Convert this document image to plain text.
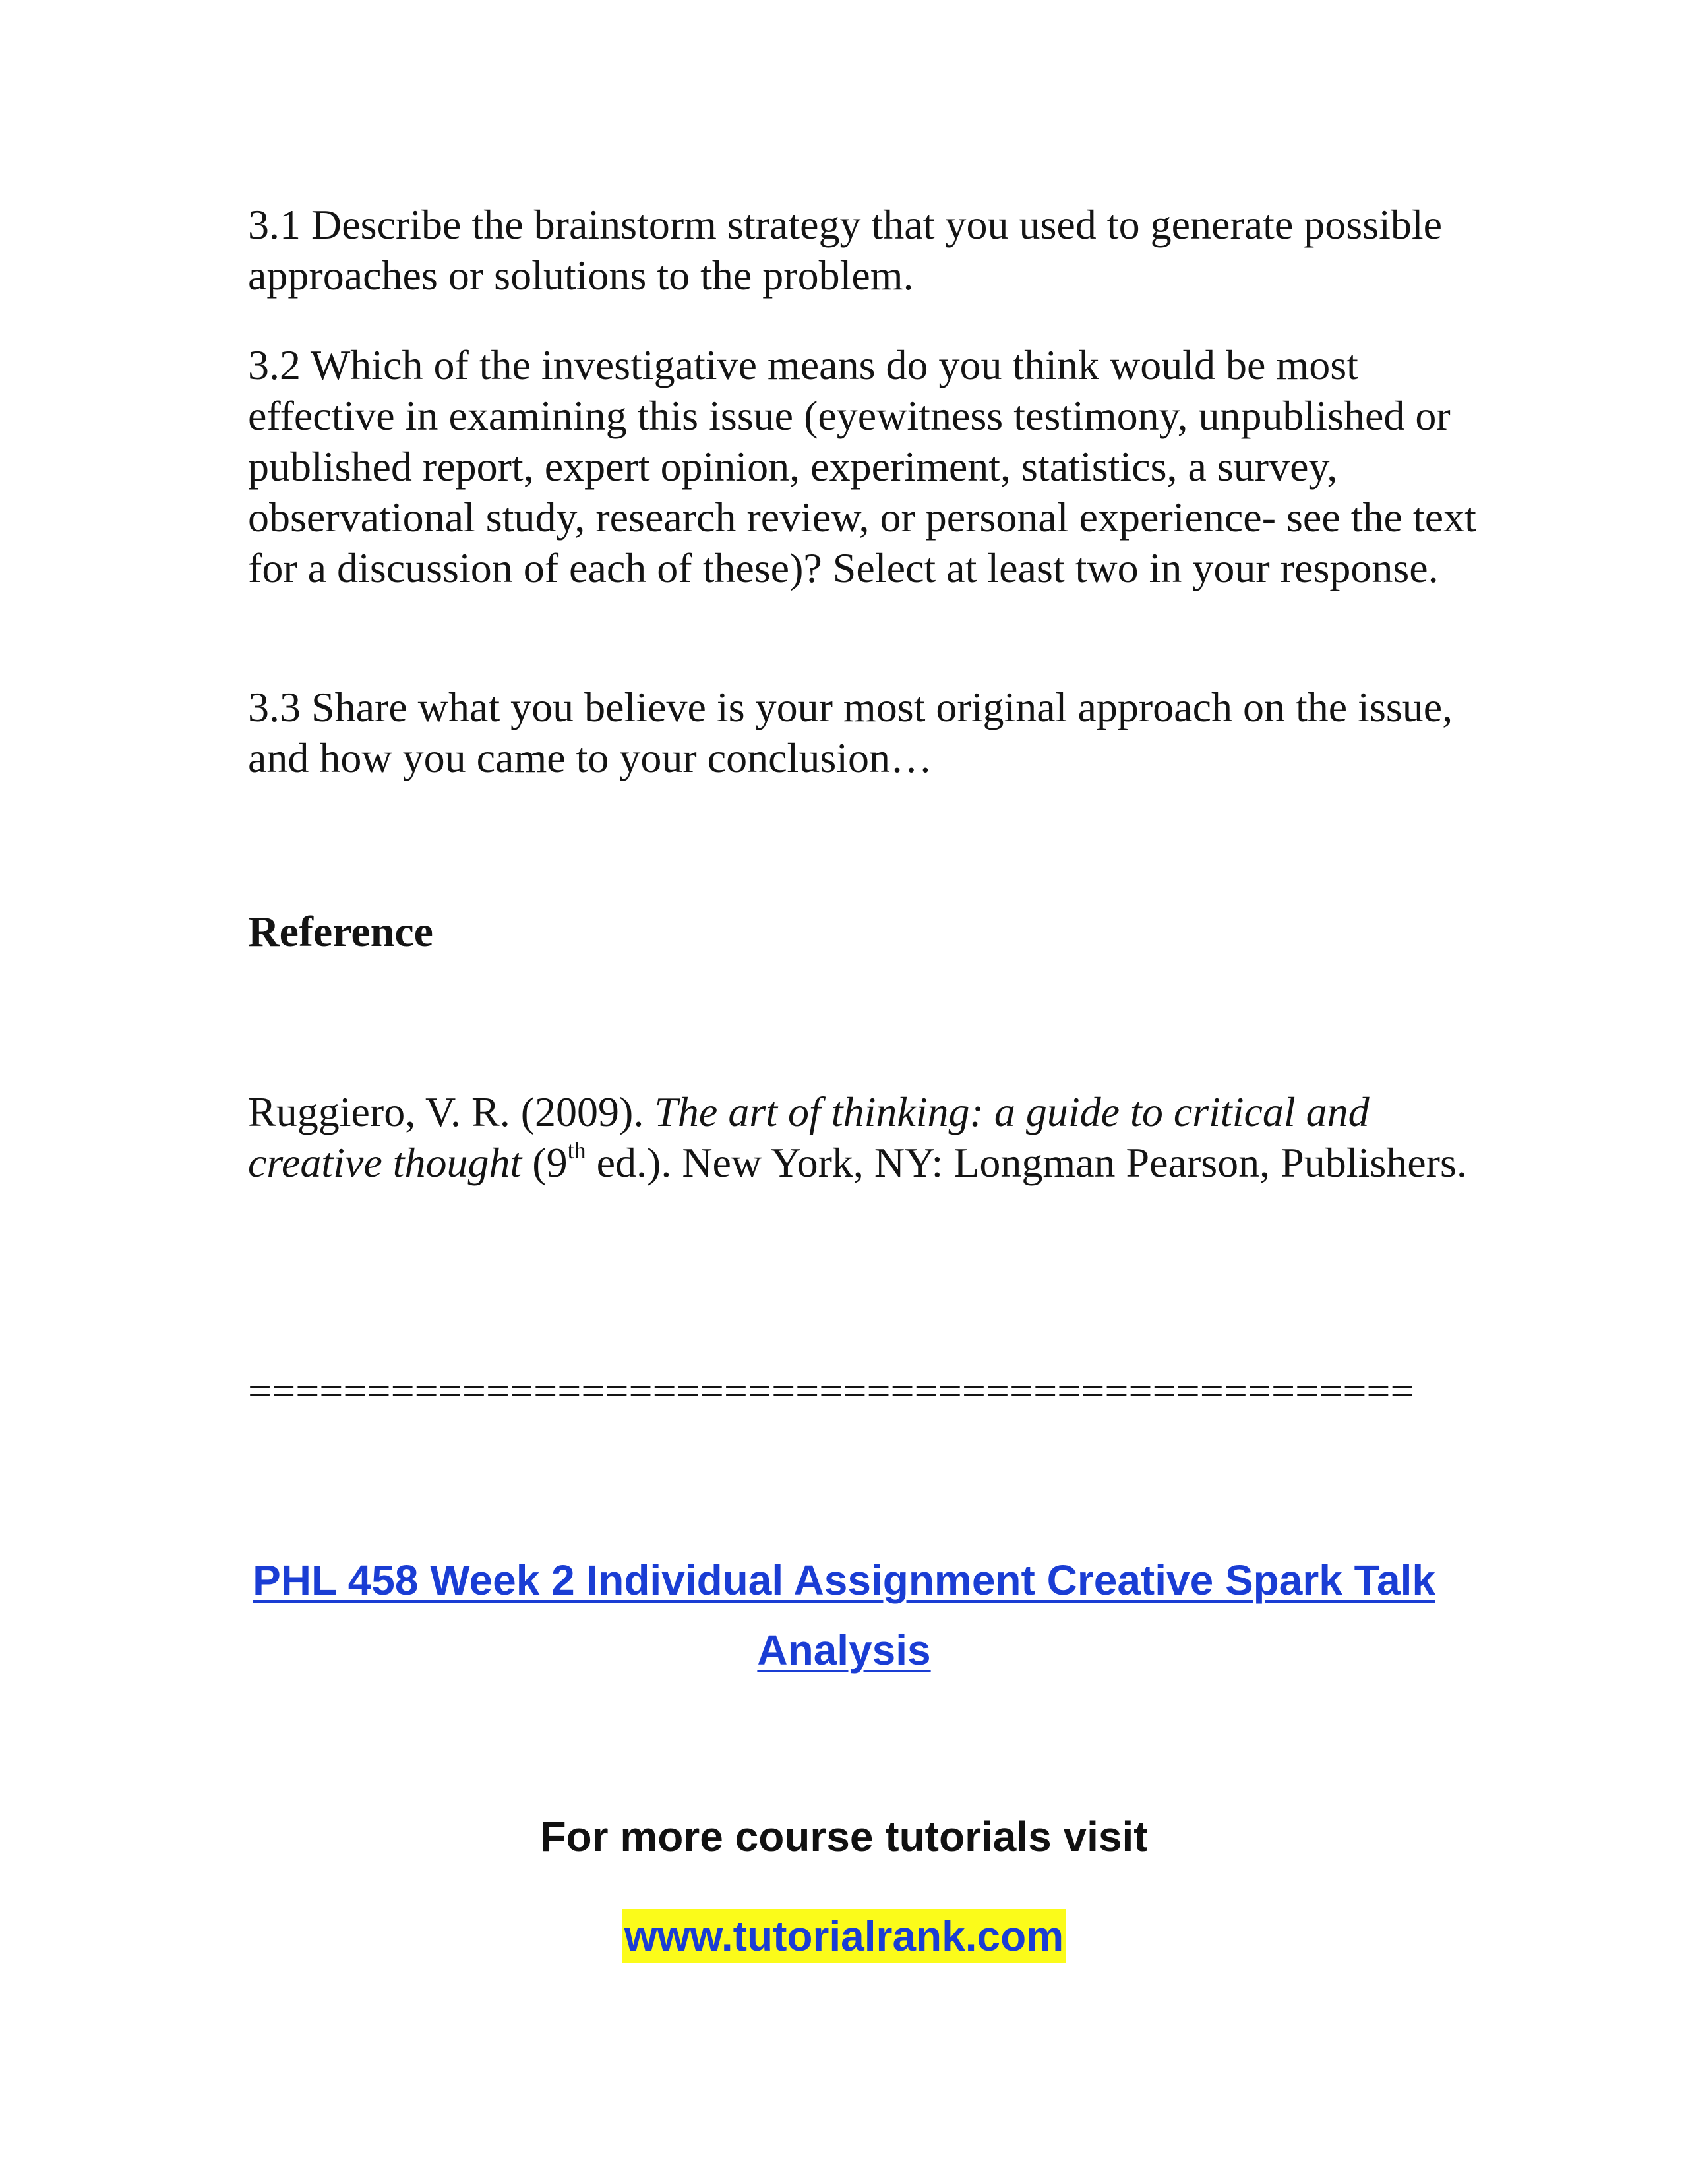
3.1 Describe the brainstorm strategy that you used to generate possible approaches or solutions to the problem.

3.2 Which of the investigative means do you think would be most effective in examining this issue (eyewitness testimony, unpublished or published report, expert opinion, experiment, statistics, a survey, observational study, research review, or personal experience- see the text for a discussion of each of these)? Select at least two in your response.

3.3 Share what you believe is your most original approach on the issue, and how you came to your conclusion…

Reference

Ruggiero, V. R. (2009). The art of thinking: a guide to critical and creative thought (9th ed.). New York, NY: Longman Pearson, Publishers.

=================================================

PHL 458 Week 2 Individual Assignment Creative Spark Talk Analysis

For more course tutorials visit

www.tutorialrank.com
